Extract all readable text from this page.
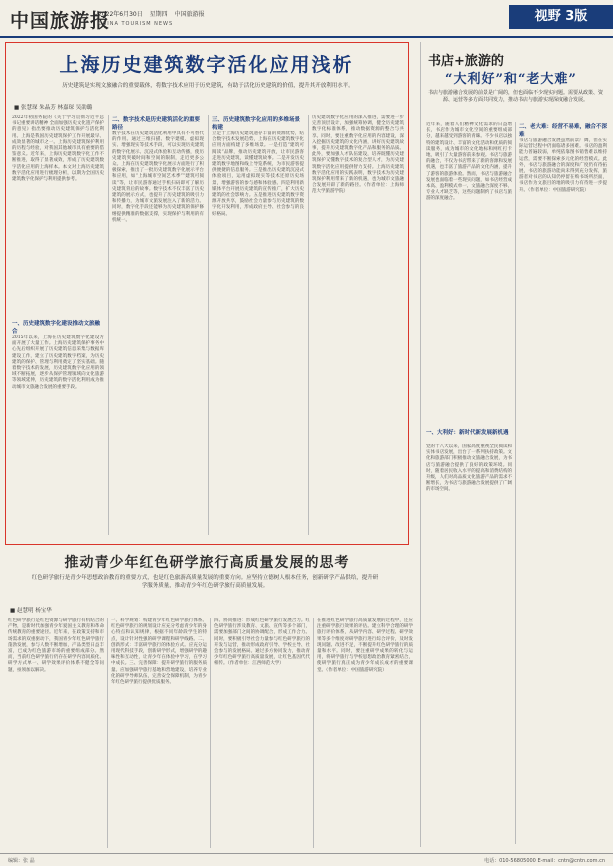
中国旅游报
2022年6月30日 星期四 中国旅游报
CHINA TOURISM NEWS	视野 3版
上海历史建筑数字活化应用浅析
历史建筑是实现文旅融合的重要载体，将数字技术应用于历史建筑，有助于活化历史建筑的价值，提升其开放利用水平。
■ 张慧琛 朱晶芳 林嘉琛 吴劭璐
2022年初国务院的《关于学习贯彻习近平总书记重要讲话精神 全面加强历史文化遗产保护的意见》指出要推动历史建筑保护与活化利用。上海是我国历史建筑保护工作开展最早、成效显著的城市之一。上海历史建筑保护利用的历程与经验，对我国其他城市具有重要的借鉴意义。近年来，上海历史建筑数字化工作不断推进，取得了显著成效，形成了历史建筑数字活化应用的上海样本。本文对上海历史建筑数字活化应用进行梳理分析，以期为全国历史建筑数字化保护与利用提供参考。
一、历史建筑数字化建设推动文旅融合
2015年以来，上海在历史建筑数字化建设方面开展了大量工作。上海历史建筑保护事务中心先后组织开展了历史建筑信息采集与数据库建设工作，建立了历史建筑数字档案，为历史建筑的保护、管理与利用奠定了坚实基础。随着数字技术的发展，历史建筑数字化应用的领域不断拓展，逐步从保护管理领域向文化旅游等领域延伸，历史建筑的数字活化利用成为推动城市文旅融合发展的重要手段。
二、数字技术是历史建筑活化的重要路径
数字技术在历史建筑活化利用中具有不可替代的作用。通过三维扫描、数字建模、虚拟现实、增强现实等技术手段，可以实现历史建筑的数字化展示、沉浸式体验和互动传播，使历史建筑突破时间和空间的限制，走近更多公众。上海在历史建筑数字化展示方面进行了积极探索，推出了一批历史建筑数字化展示平台和应用，如“上海城市空间艺术季”“建筑可阅读”等，让市民游客通过手机扫码即可了解历史建筑背后的故事。数字技术不仅丰富了历史建筑的展示方式，也提升了历史建筑的吸引力和传播力，为城市文旅发展注入了新的活力。同时，数字化手段还能够为历史建筑的保护修缮提供精准的数据支撑，实现保护与利用的有机统一。
三、历史建筑数字化应用的多维场景构建
立足于上海历史建筑遗存丰富的资源优势，结合数字技术发展趋势，上海在历史建筑数字化应用方面构建了多维场景。一是打造“建筑可阅读”品牌，推动历史建筑开放，让市民游客走进历史建筑，读懂建筑故事。二是开发历史建筑数字地图和线上导览系统，为市民游客提供便捷的信息服务。三是推出历史建筑沉浸式体验项目，运用虚拟现实等技术还原历史场景，增强游客的参与感和体验感。四是利用新媒体平台开展历史建筑的宣传推广，扩大历史建筑的社会影响力。五是推进历史建筑数字资源开放共享，鼓励社会力量参与历史建筑的数字化开发利用，形成政府主导、社会参与的良好格局。
历史建筑数字化应用的深入推进，需要进一步完善顶层设计，加强统筹协调，健全历史建筑数字化标准体系，推动数据资源的整合与共享。同时，要注重数字化应用的内容建设，深入挖掘历史建筑的文化内涵，讲好历史建筑故事，提升历史建筑数字化产品和服务的品质。此外，要加强人才队伍建设，培养既懂历史建筑保护又懂数字技术的复合型人才，为历史建筑数字活化应用提供智力支持。上海历史建筑数字活化应用的实践表明，数字技术为历史建筑保护利用带来了新的机遇，也为城市文旅融合发展开辟了新的路径。（作者单位：上海师范大学旅游学院）
书店+旅游的
“大利好”和“老大难”
书店与旅游融合发展的前景是广阔的，但也面临不少现实问题。需要从政策、资源、运营等多方面共同发力，推动书店与旅游实现深度融合发展。
近年来，随着人们精神文化需求的日益增长，书店作为城市文化空间的重要组成部分，越来越受到游客的青睐。不少书店以独特的建筑设计、丰富的文化活动和优质的阅读服务，成为城市的文化地标和网红打卡地，吸引了大量游客前来参观。书店与旅游的融合，不仅为书店带来了新的客源和发展机遇，也丰富了旅游产品的文化内涵，提升了游客的旅游体验。然而，书店与旅游融合发展也面临着一些现实问题，如书店经营成本高、盈利模式单一、文旅融合深度不够、专业人才缺乏等，这些问题制约了书店与旅游的深度融合。
一、大利好：新时代新发展新机遇
党的十八大以来，国家高度重视全民阅读和实体书店发展，出台了一系列扶持政策。文化和旅游部门积极推动文旅融合发展，为书店与旅游融合提供了良好的政策环境。同时，随着居民收入水平的提高和消费结构的升级，人们对高品质文化旅游产品的需求不断增长，为书店与旅游融合发展提供了广阔的市场空间。
二、老大难：经营不易难，融合不深难
书店与旅游融合发展虽然前景广阔，但在实际运营过程中仍面临诸多困难。书店的盈利能力普遍较弱，单纯依靠图书销售难以维持运营，需要不断探索多元化的经营模式。此外，书店与旅游融合的深度和广度仍有待拓展，书店的旅游功能尚未得到充分发挥，旅游者对书店的认知仍停留在购书场所层面，书店作为文旅目的地的吸引力有待进一步提升。（作者单位：中国旅游研究院）
推动青少年红色研学旅行高质量发展的思考
红色研学旅行是青少年思想政治教育的重要方式，也是红色旅游高质量发展的重要方向。应坚持立德树人根本任务，创新研学产品供给，提升研学服务质量，推动青少年红色研学旅行高质量发展。
■ 赵慧明 杨宝华
红色研学旅行是红色资源与研学旅行有机结合的产物，是新时代加强青少年爱国主义教育和革命传统教育的重要途径。近年来，在政策支持和市场需求的双重驱动下，我国青少年红色研学旅行蓬勃发展，参与人数不断增加，产品类型日益丰富，已成为红色旅游市场的重要组成部分。然而，当前红色研学旅行仍存在研学内容同质化、研学方式单一、研学效果评价体系不健全等问题，亟须加以解决。
一、科学规划：构建青少年红色研学旅行体系。红色研学旅行的规划设计应充分考虑青少年的身心特点和认知规律，根据不同年龄段学生的特点，设计针对性强的研学课程和研学线路。二、创新形式：丰富研学旅行的体验方式。应充分运用现代科技手段，创新研学形式，增强研学的趣味性和互动性，让青少年在体验中学习，在学习中成长。三、完善保障：提升研学旅行的服务质量。应加强研学旅行基地和营地建设，培养专业化的研学导师队伍，完善安全保障机制，为青少年红色研学旅行提供优质服务。
四、协同推进：形成红色研学旅行发展合力。红色研学旅行涉及教育、文旅、宣传等多个部门，需要加强部门之间的协调配合，形成工作合力。同时，要积极引导社会力量参与红色研学旅行的开发与运营，推动形成政府引导、学校主导、社会参与的发展格局。通过多方协同发力，推动青少年红色研学旅行高质量发展，让红色基因代代相传。（作者单位：江西师范大学）
在推进红色研学旅行高质量发展的过程中，还应注重研学旅行效果的评估。建立科学合理的研学旅行评价体系，从研学内容、研学过程、研学效果等多个维度对研学旅行进行综合评价，及时发现问题、改进不足，不断提升红色研学旅行的质量和水平。同时，要注重研学成果的转化与运用，将研学旅行与学校思想政治教育紧密结合，使研学旅行真正成为青少年成长成才的重要课堂。（作者单位：中国旅游研究院）
编辑：张 晶	电话：010-56805000 E-mail：cntn@cntn.com.cn
